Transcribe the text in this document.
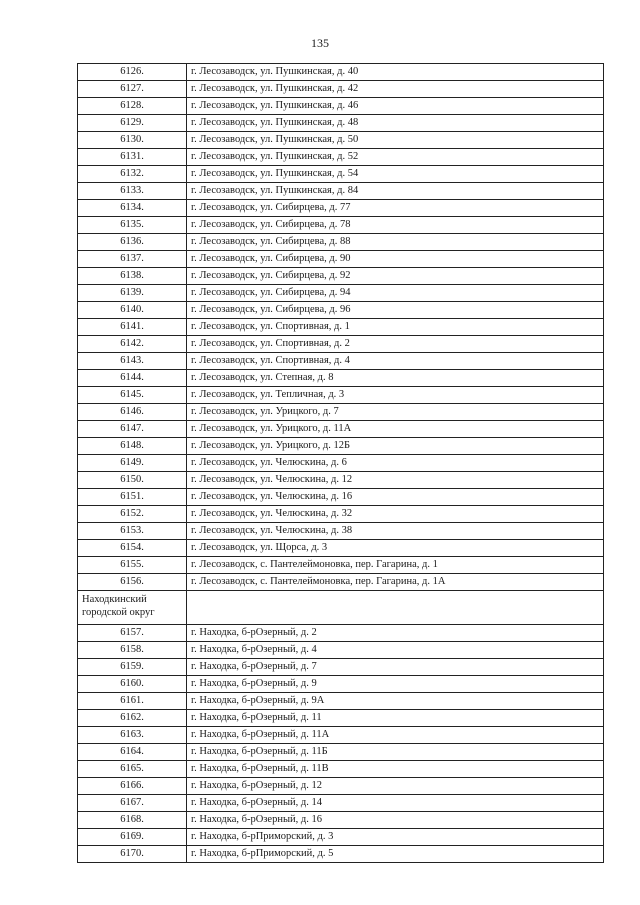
135
6126.	г. Лесозаводск, ул. Пушкинская, д. 40
6127.	г. Лесозаводск, ул. Пушкинская, д. 42
6128.	г. Лесозаводск, ул. Пушкинская, д. 46
6129.	г. Лесозаводск, ул. Пушкинская, д. 48
6130.	г. Лесозаводск, ул. Пушкинская, д. 50
6131.	г. Лесозаводск, ул. Пушкинская, д. 52
6132.	г. Лесозаводск, ул. Пушкинская, д. 54
6133.	г. Лесозаводск, ул. Пушкинская, д. 84
6134.	г. Лесозаводск, ул. Сибирцева, д. 77
6135.	г. Лесозаводск, ул. Сибирцева, д. 78
6136.	г. Лесозаводск, ул. Сибирцева, д. 88
6137.	г. Лесозаводск, ул. Сибирцева, д. 90
6138.	г. Лесозаводск, ул. Сибирцева, д. 92
6139.	г. Лесозаводск, ул. Сибирцева, д. 94
6140.	г. Лесозаводск, ул. Сибирцева, д. 96
6141.	г. Лесозаводск, ул. Спортивная, д. 1
6142.	г. Лесозаводск, ул. Спортивная, д. 2
6143.	г. Лесозаводск, ул. Спортивная, д. 4
6144.	г. Лесозаводск, ул. Степная, д. 8
6145.	г. Лесозаводск, ул. Тепличная, д. 3
6146.	г. Лесозаводск, ул. Урицкого, д. 7
6147.	г. Лесозаводск, ул. Урицкого, д. 11А
6148.	г. Лесозаводск, ул. Урицкого, д. 12Б
6149.	г. Лесозаводск, ул. Челюскина, д. 6
6150.	г. Лесозаводск, ул. Челюскина, д. 12
6151.	г. Лесозаводск, ул. Челюскина, д. 16
6152.	г. Лесозаводск, ул. Челюскина, д. 32
6153.	г. Лесозаводск, ул. Челюскина, д. 38
6154.	г. Лесозаводск, ул. Щорса, д. 3
6155.	г. Лесозаводск, с. Пантелеймоновка, пер. Гагарина, д. 1
6156.	г. Лесозаводск, с. Пантелеймоновка, пер. Гагарина, д. 1А
Находкинский городской округ	
6157.	г. Находка, б-рОзерный, д. 2
6158.	г. Находка, б-рОзерный, д. 4
6159.	г. Находка, б-рОзерный, д. 7
6160.	г. Находка, б-рОзерный, д. 9
6161.	г. Находка, б-рОзерный, д. 9А
6162.	г. Находка, б-рОзерный, д. 11
6163.	г. Находка, б-рОзерный, д. 11А
6164.	г. Находка, б-рОзерный, д. 11Б
6165.	г. Находка, б-рОзерный, д. 11В
6166.	г. Находка, б-рОзерный, д. 12
6167.	г. Находка, б-рОзерный, д. 14
6168.	г. Находка, б-рОзерный, д. 16
6169.	г. Находка, б-рПриморский, д. 3
6170.	г. Находка, б-рПриморский, д. 5
